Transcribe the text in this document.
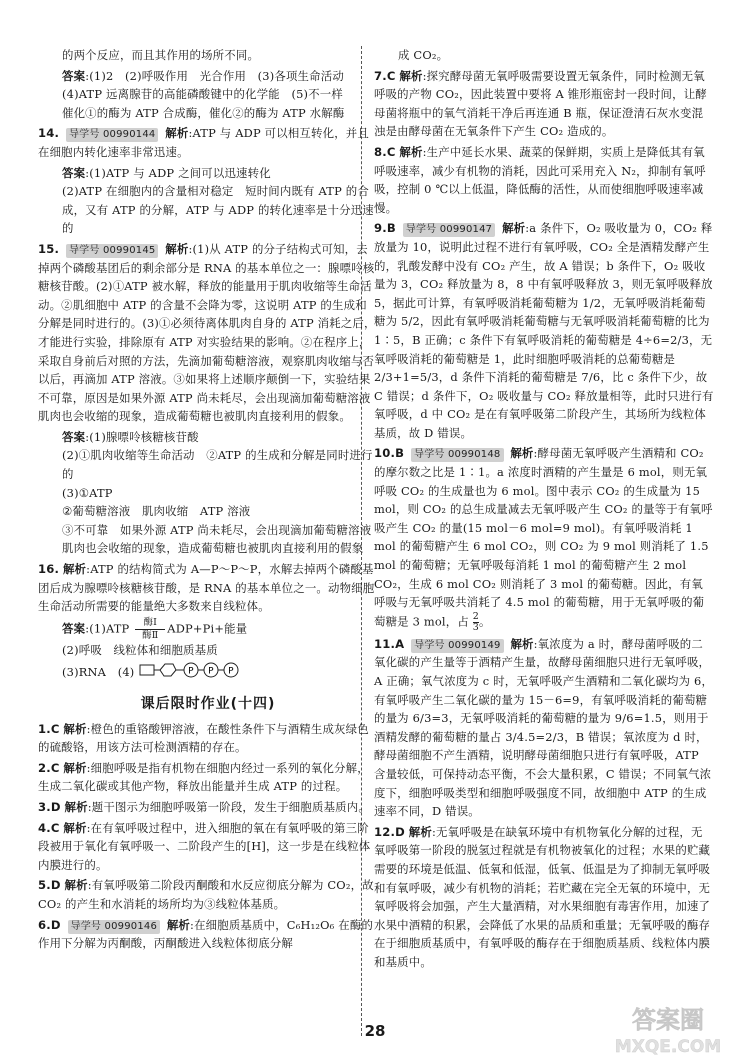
的两个反应，而且其作用的场所不同。
答案:(1)2　(2)呼吸作用　光合作用　(3)各项生命活动
(4)ATP 远离腺苷的高能磷酸键中的化学能　(5)不一样
催化①的酶为 ATP 合成酶，催化②的酶为 ATP 水解酶
14. 导学号 00990144 解析:ATP 与 ADP 可以相互转化，并且在细胞内转化速率非常迅速。
答案:(1)ATP 与 ADP 之间可以迅速转化
(2)ATP 在细胞内的含量相对稳定　短时间内既有 ATP 的合成，又有 ATP 的分解，ATP 与 ADP 的转化速率是十分迅速的
15. 导学号 00990145 解析:(1)从 ATP 的分子结构式可知，去掉两个磷酸基团后的剩余部分是 RNA 的基本单位之一：腺嘌呤核糖核苷酸。(2)①ATP 被水解，释放的能量用于肌肉收缩等生命活动。②肌细胞中 ATP 的含量不会降为零，这说明 ATP 的生成和分解是同时进行的。(3)①必须待离体肌肉自身的 ATP 消耗之后，才能进行实验，排除原有 ATP 对实验结果的影响。②在程序上，采取自身前后对照的方法，先滴加葡萄糖溶液，观察肌肉收缩与否以后，再滴加 ATP 溶液。③如果将上述顺序颠倒一下，实验结果不可靠，原因是如果外源 ATP 尚未耗尽，会出现滴加葡萄糖溶液肌肉也会收缩的现象，造成葡萄糖也被肌肉直接利用的假象。
答案:(1)腺嘌呤核糖核苷酸
(2)①肌肉收缩等生命活动　②ATP 的生成和分解是同时进行的
(3)①ATP
②葡萄糖溶液　肌肉收缩　ATP 溶液
③不可靠　如果外源 ATP 尚未耗尽，会出现滴加葡萄糖溶液肌肉也会收缩的现象，造成葡萄糖也被肌肉直接利用的假象
16. 解析:ATP 的结构简式为 A—P～P～P，水解去掉两个磷酸基团后成为腺嘌呤核糖核苷酸，是 RNA 的基本单位之一。动物细胞生命活动所需要的能量绝大多数来自线粒体。
答案:(1)ATP 酶Ⅰ
酶Ⅱ ADP+Pi+能量
(2)呼吸　线粒体和细胞质基质
(3)RNA　(4)	P P P
课后限时作业(十四)
1.C 解析:橙色的重铬酸钾溶液，在酸性条件下与酒精生成灰绿色的硫酸铬，用该方法可检测酒精的存在。
2.C 解析:细胞呼吸是指有机物在细胞内经过一系列的氧化分解，生成二氧化碳或其他产物，释放出能量并生成 ATP 的过程。
3.D 解析:题干图示为细胞呼吸第一阶段，发生于细胞质基质内。
4.C 解析:在有氧呼吸过程中，进入细胞的氧在有氧呼吸的第三阶段被用于氧化有氧呼吸一、二阶段产生的[H]，这一步是在线粒体内膜进行的。
5.D 解析:有氧呼吸第二阶段丙酮酸和水反应彻底分解为 CO₂，故 CO₂ 的产生和水消耗的场所均为③线粒体基质。
6.D 导学号 00990146 解析:在细胞质基质中，C₆H₁₂O₆ 在酶的作用下分解为丙酮酸，丙酮酸进入线粒体彻底分解
成 CO₂。
7.C 解析:探究酵母菌无氧呼吸需要设置无氧条件，同时检测无氧呼吸的产物 CO₂，因此装置中要将 A 锥形瓶密封一段时间，让酵母菌将瓶中的氧气消耗干净后再连通 B 瓶，保证澄清石灰水变混浊是由酵母菌在无氧条件下产生 CO₂ 造成的。
8.C 解析:生产中延长水果、蔬菜的保鲜期，实质上是降低其有氧呼吸速率，减少有机物的消耗，因此可采用充入 N₂，抑制有氧呼吸，控制 0 ℃以上低温，降低酶的活性，从而使细胞呼吸速率减慢。
9.B 导学号 00990147 解析:a 条件下，O₂ 吸收量为 0，CO₂ 释放量为 10，说明此过程不进行有氧呼吸，CO₂ 全是酒精发酵产生的，乳酸发酵中没有 CO₂ 产生，故 A 错误；b 条件下，O₂ 吸收量为 3，CO₂ 释放量为 8，8 中有氧呼吸释放 3，则无氧呼吸释放 5，据此可计算，有氧呼吸消耗葡萄糖为 1/2，无氧呼吸消耗葡萄糖为 5/2，因此有氧呼吸消耗葡萄糖与无氧呼吸消耗葡萄糖的比为 1∶5，B 正确；c 条件下有氧呼吸消耗的葡萄糖是 4÷6=2/3，无氧呼吸消耗的葡萄糖是 1，此时细胞呼吸消耗的总葡萄糖是 2/3+1=5/3，d 条件下消耗的葡萄糖是 7/6，比 c 条件下少，故 C 错误；d 条件下，O₂ 吸收量与 CO₂ 释放量相等，此时只进行有氧呼吸，d 中 CO₂ 是在有氧呼吸第二阶段产生，其场所为线粒体基质，故 D 错误。
10.B 导学号 00990148 解析:酵母菌无氧呼吸产生酒精和 CO₂ 的摩尔数之比是 1∶1。a 浓度时酒精的产生量是 6 mol，则无氧呼吸 CO₂ 的生成量也为 6 mol。图中表示 CO₂ 的生成量为 15 mol，则 CO₂ 的总生成量减去无氧呼吸产生 CO₂ 的量等于有氧呼吸产生 CO₂ 的量(15 mol－6 mol=9 mol)。有氧呼吸消耗 1 mol 的葡萄糖产生 6 mol CO₂，则 CO₂ 为 9 mol 则消耗了 1.5 mol 的葡萄糖；无氧呼吸每消耗 1 mol 的葡萄糖产生 2 mol CO₂，生成 6 mol CO₂ 则消耗了 3 mol 的葡萄糖。因此，有氧呼吸与无氧呼吸共消耗了 4.5 mol 的葡萄糖，用于无氧呼吸的葡萄糖是 3 mol，占 $\frac{2}{3}$。
11.A 导学号 00990149 解析:氧浓度为 a 时，酵母菌呼吸的二氧化碳的产生量等于酒精产生量，故酵母菌细胞只进行无氧呼吸，A 正确；氧气浓度为 c 时，无氧呼吸产生酒精和二氧化碳均为 6，有氧呼吸产生二氧化碳的量为 15－6=9，有氧呼吸消耗的葡萄糖的量为 6/3=3，无氧呼吸消耗的葡萄糖的量为 9/6=1.5，则用于酒精发酵的葡萄糖的量占 3/4.5=2/3，B 错误；氧浓度为 d 时，酵母菌细胞不产生酒精，说明酵母菌细胞只进行有氧呼吸，ATP 含量较低，可保持动态平衡，不会大量积累，C 错误；不同氧气浓度下，细胞呼吸类型和细胞呼吸强度不同，故细胞中 ATP 的生成速率不同，D 错误。
12.D 解析:无氧呼吸是在缺氧环境中有机物氧化分解的过程，无氧呼吸第一阶段的脱氢过程就是有机物被氧化的过程；水果的贮藏需要的环境是低温、低氧和低湿，低氧、低温是为了抑制无氧呼吸和有氧呼吸，减少有机物的消耗；若贮藏在完全无氧的环境中，无氧呼吸将会加强，产生大量酒精，对水果细胞有毒害作用，加速了水果中酒精的积累，会降低了水果的品质和重量；无氧呼吸的酶存在于细胞质基质中，有氧呼吸的酶存在于细胞质基质、线粒体内膜和基质中。
28	答案圈
MXQE.COM
